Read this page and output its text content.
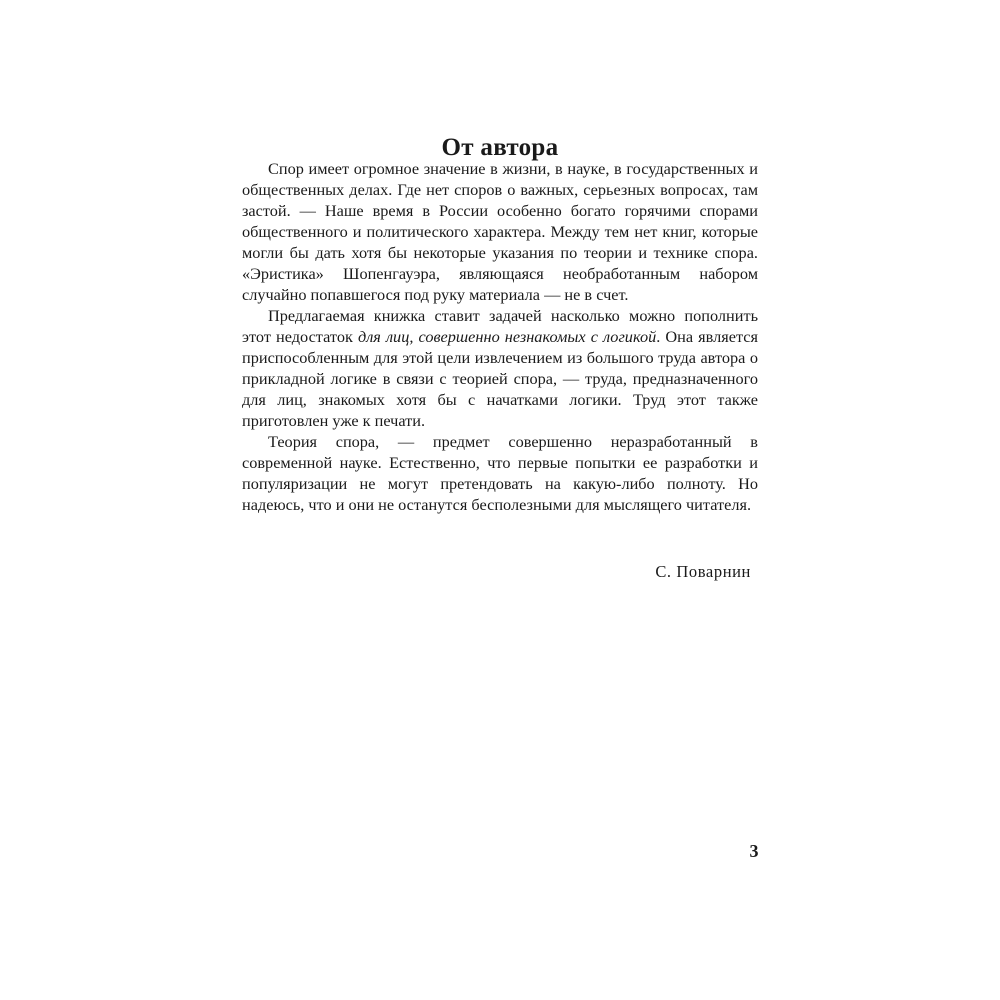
От автора

Спор имеет огромное значение в жизни, в науке, в государственных и общественных делах. Где нет споров о важных, серьезных вопросах, там застой. — Наше время в России особенно богато горячими спорами общественного и политического характера. Между тем нет книг, которые могли бы дать хотя бы некоторые указания по теории и технике спора. «Эристика» Шопенгауэра, являющаяся необработанным набором случайно попавшегося под руку материала — не в счет.

Предлагаемая книжка ставит задачей насколько можно пополнить этот недостаток для лиц, совершенно незнакомых с логикой. Она является приспособленным для этой цели извлечением из большого труда автора о прикладной логике в связи с теорией спора, — труда, предназначенного для лиц, знакомых хотя бы с начатками логики. Труд этот также приготовлен уже к печати.

Теория спора, — предмет совершенно неразработанный в современной науке. Естественно, что первые попытки ее разработки и популяризации не могут претендовать на какую-либо полноту. Но надеюсь, что и они не останутся бесполезными для мыслящего читателя.

С. Поварнин
3
